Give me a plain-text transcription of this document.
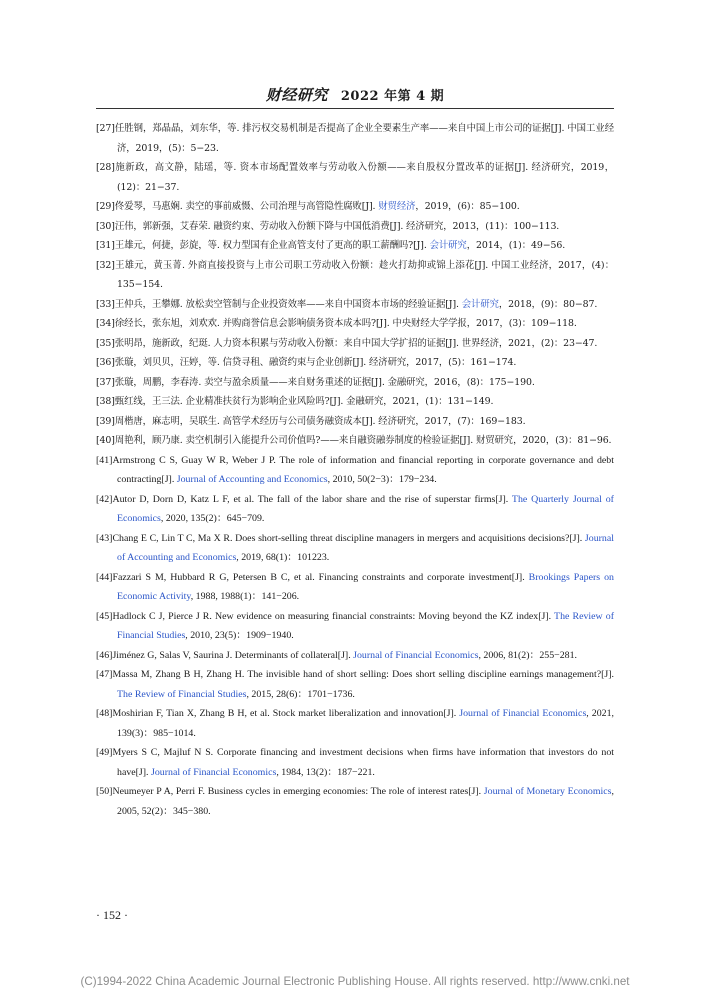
财经研究 2022 年第 4 期
[27]任胜钢，郑晶晶，刘东华，等. 排污权交易机制是否提高了企业全要素生产率——来自中国上市公司的证据[J]. 中国工业经济，2019，(5)：5−23.
[28]施新政，高文静，陆瑶，等. 资本市场配置效率与劳动收入份额——来自股权分置改革的证据[J]. 经济研究，2019，(12)：21−37.
[29]佟爱琴，马惠娴. 卖空的事前威慑、公司治理与高管隐性腐败[J]. 财贸经济，2019，(6)：85−100.
[30]汪伟，郭新强，艾春荣. 融资约束、劳动收入份额下降与中国低消费[J]. 经济研究，2013，(11)：100−113.
[31]王雄元，何捷，彭旋，等. 权力型国有企业高管支付了更高的职工薪酬吗?[J]. 会计研究，2014，(1)：49−56.
[32]王雄元，黄玉菁. 外商直接投资与上市公司职工劳动收入份额：趁火打劫抑或锦上添花[J]. 中国工业经济，2017，(4)：135−154.
[33]王仲兵，王攀娜. 放松卖空管制与企业投资效率——来自中国资本市场的经验证据[J]. 会计研究，2018，(9)：80−87.
[34]徐经长，张东旭，刘欢欢. 并购商誉信息会影响债务资本成本吗?[J]. 中央财经大学学报，2017，(3)：109−118.
[35]张明昂，施新政，纪珽. 人力资本积累与劳动收入份额：来自中国大学扩招的证据[J]. 世界经济，2021，(2)：23−47.
[36]张璇，刘贝贝，汪婷，等. 信贷寻租、融资约束与企业创新[J]. 经济研究，2017，(5)：161−174.
[37]张璇，周鹏，李春涛. 卖空与盈余质量——来自财务重述的证据[J]. 金融研究，2016，(8)：175−190.
[38]甄红线，王三法. 企业精准扶贫行为影响企业风险吗?[J]. 金融研究，2021，(1)：131−149.
[39]周楷唐，麻志明，吴联生. 高管学术经历与公司债务融资成本[J]. 经济研究，2017，(7)：169−183.
[40]周艳利，顾乃康. 卖空机制引入能提升公司价值吗?——来自融资融券制度的检验证据[J]. 财贸研究，2020，(3)：81−96.
[41]Armstrong C S, Guay W R, Weber J P. The role of information and financial reporting in corporate governance and debt contracting[J]. Journal of Accounting and Economics, 2010, 50(2−3)：179−234.
[42]Autor D, Dorn D, Katz L F, et al. The fall of the labor share and the rise of superstar firms[J]. The Quarterly Journal of Economics, 2020, 135(2)：645−709.
[43]Chang E C, Lin T C, Ma X R. Does short-selling threat discipline managers in mergers and acquisitions decisions?[J]. Journal of Accounting and Economics, 2019, 68(1)：101223.
[44]Fazzari S M, Hubbard R G, Petersen B C, et al. Financing constraints and corporate investment[J]. Brookings Papers on Economic Activity, 1988, 1988(1)：141−206.
[45]Hadlock C J, Pierce J R. New evidence on measuring financial constraints: Moving beyond the KZ index[J]. The Review of Financial Studies, 2010, 23(5)：1909−1940.
[46]Jiménez G, Salas V, Saurina J. Determinants of collateral[J]. Journal of Financial Economics, 2006, 81(2)：255−281.
[47]Massa M, Zhang B H, Zhang H. The invisible hand of short selling: Does short selling discipline earnings management?[J]. The Review of Financial Studies, 2015, 28(6)：1701−1736.
[48]Moshirian F, Tian X, Zhang B H, et al. Stock market liberalization and innovation[J]. Journal of Financial Economics, 2021, 139(3)：985−1014.
[49]Myers S C, Majluf N S. Corporate financing and investment decisions when firms have information that investors do not have[J]. Journal of Financial Economics, 1984, 13(2)：187−221.
[50]Neumeyer P A, Perri F. Business cycles in emerging economies: The role of interest rates[J]. Journal of Monetary Economics, 2005, 52(2)：345−380.
· 152 ·
(C)1994-2022 China Academic Journal Electronic Publishing House. All rights reserved. http://www.cnki.net
